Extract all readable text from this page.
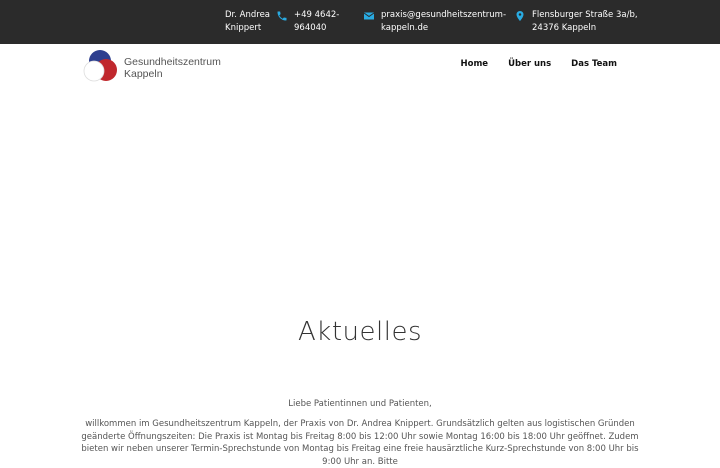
Dr. Andrea
Knippert
+49 4642-
964040
praxis@gesundheitszentrum-
kappeln.de
Flensburger Straße 3a/b,
24376 Kappeln
Gesundheitszentrum
Kappeln
Home Über uns Das Team
Aktuelles
Liebe Patientinnen und Patienten,
willkommen im Gesundheitszentrum Kappeln, der Praxis von Dr. Andrea Knippert. Grundsätzlich gelten aus logistischen Gründen geänderte Öffnungszeiten: Die Praxis ist Montag bis Freitag 8:00 bis 12:00 Uhr sowie Montag 16:00 bis 18:00 Uhr geöffnet. Zudem bieten wir neben unserer Termin-Sprechstunde von Montag bis Freitag eine freie hausärztliche Kurz-Sprechstunde von 8:00 Uhr bis 9:00 Uhr an. Bitte
